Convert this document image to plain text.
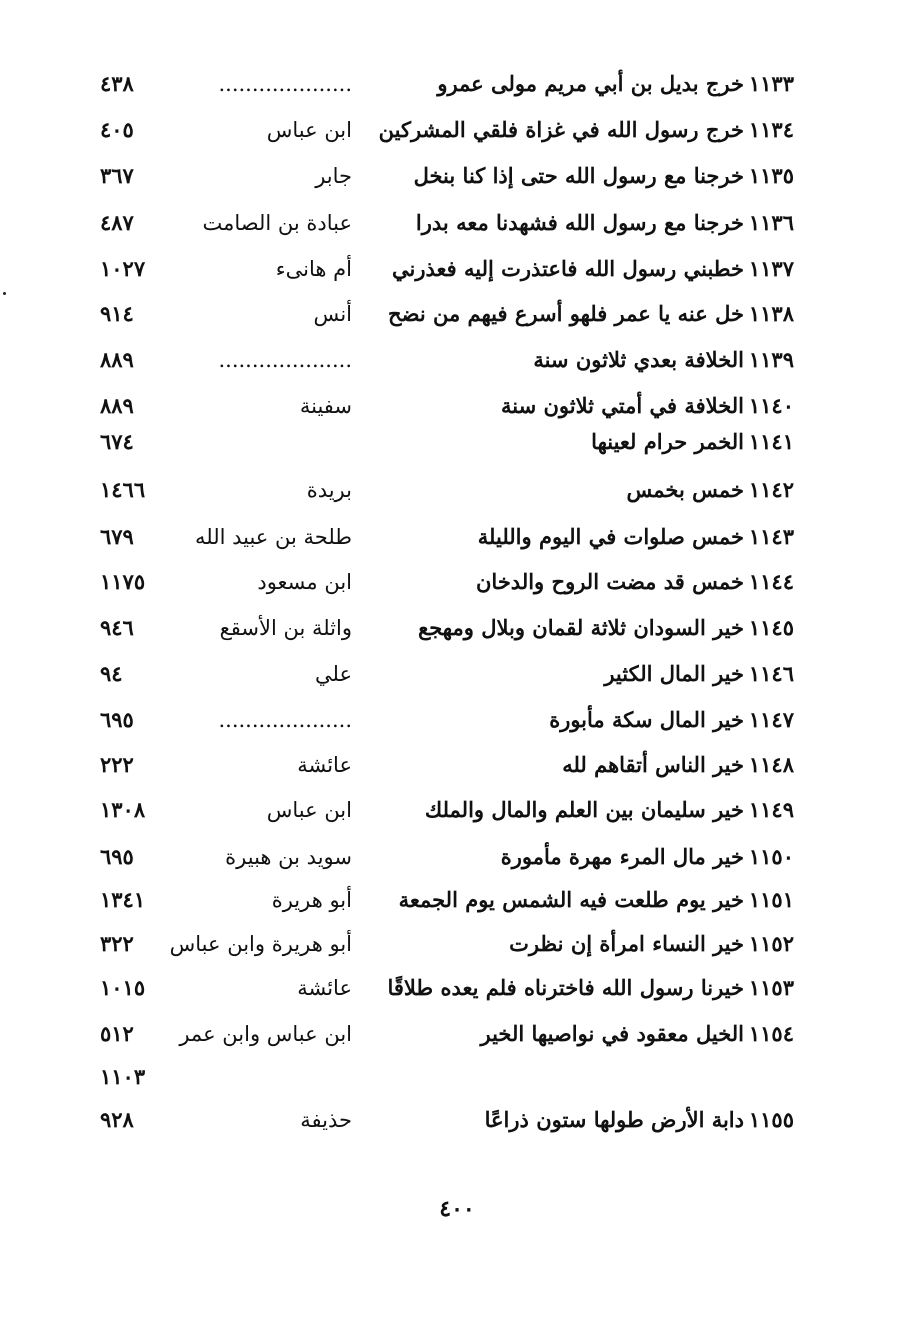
١١٣٣
خرج بديل بن أبي مريم مولى عمرو
....................
٤٣٨
١١٣٤
خرج رسول الله في غزاة فلقي المشركين
ابن عباس
٤٠٥
١١٣٥
خرجنا مع رسول الله حتى إذا كنا بنخل
جابر
٣٦٧
١١٣٦
خرجنا مع رسول الله فشهدنا معه بدرا
عبادة بن الصامت
٤٨٧
١١٣٧
خطبني رسول الله فاعتذرت إليه فعذرني
أم هانىء
١٠٢٧
١١٣٨
خل عنه يا عمر فلهو أسرع فيهم من نضح
أنس
٩١٤
١١٣٩
الخلافة بعدي ثلاثون سنة
....................
٨٨٩
١١٤٠
الخلافة في أمتي ثلاثون سنة
سفينة
٨٨٩
١١٤١
الخمر حرام لعينها
٦٧٤
١١٤٢
خمس بخمس
بريدة
١٤٦٦
١١٤٣
خمس صلوات في اليوم والليلة
طلحة بن عبيد الله
٦٧٩
١١٤٤
خمس قد مضت الروح والدخان
ابن مسعود
١١٧٥
١١٤٥
خير السودان ثلاثة لقمان وبلال ومهجع
واثلة بن الأسقع
٩٤٦
١١٤٦
خير المال الكثير
علي
٩٤
١١٤٧
خير المال سكة مأبورة
....................
٦٩٥
١١٤٨
خير الناس أتقاهم لله
عائشة
٢٢٢
١١٤٩
خير سليمان بين العلم والمال والملك
ابن عباس
١٣٠٨
١١٥٠
خير مال المرء مهرة مأمورة
سويد بن هبيرة
٦٩٥
١١٥١
خير يوم طلعت فيه الشمس يوم الجمعة
أبو هريرة
١٣٤١
١١٥٢
خير النساء امرأة إن نظرت
أبو هريرة وابن عباس
٣٢٢
١١٥٣
خيرنا رسول الله فاخترناه فلم يعده طلاقًا
عائشة
١٠١٥
١١٥٤
الخيل معقود في نواصيها الخير
ابن عباس وابن عمر
٥١٢
١١٠٣
١١٥٥
دابة الأرض طولها ستون ذراعًا
حذيفة
٩٢٨
٤٠٠
